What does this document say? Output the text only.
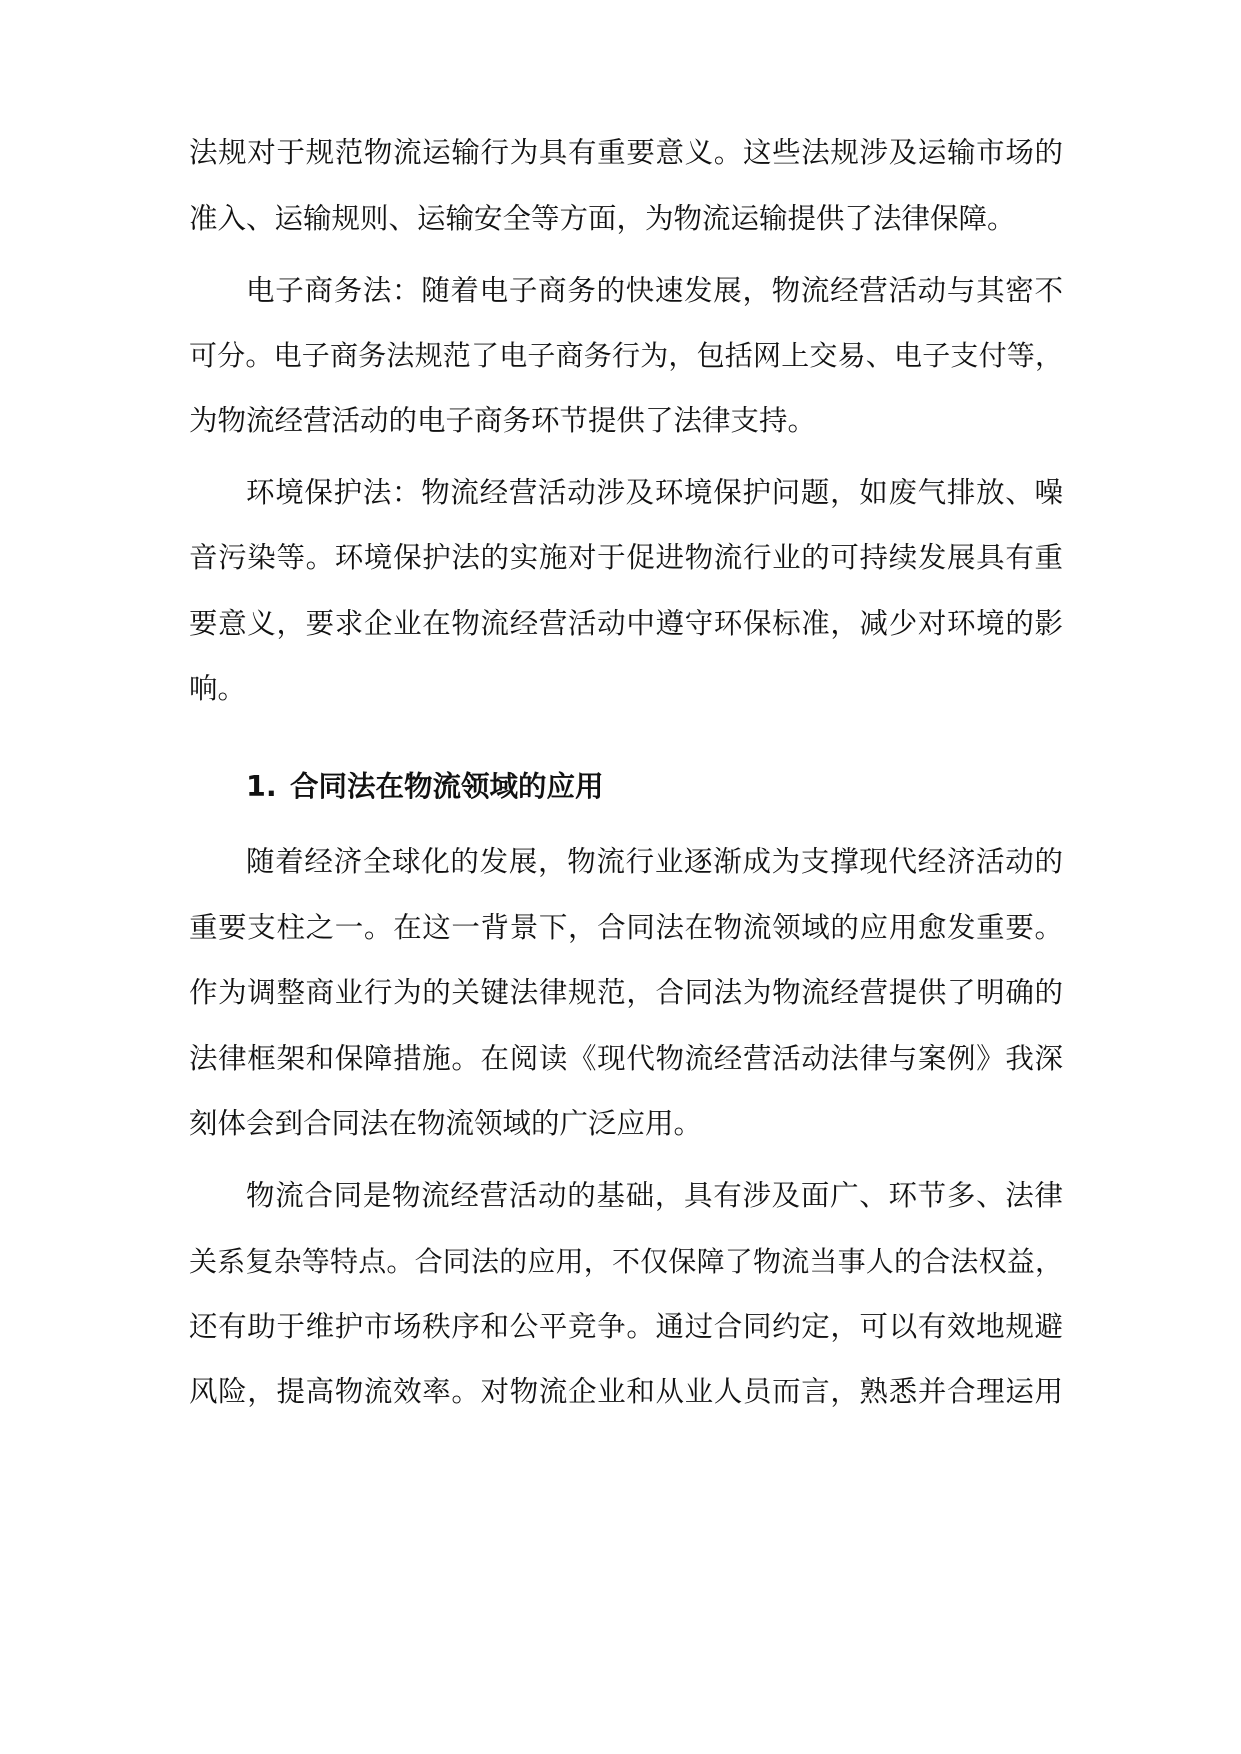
法规对于规范物流运输行为具有重要意义。这些法规涉及运输市场的
准入、运输规则、运输安全等方面，为物流运输提供了法律保障。
电子商务法：随着电子商务的快速发展，物流经营活动与其密不
可分。电子商务法规范了电子商务行为，包括网上交易、电子支付等，
为物流经营活动的电子商务环节提供了法律支持。
环境保护法：物流经营活动涉及环境保护问题，如废气排放、噪
音污染等。环境保护法的实施对于促进物流行业的可持续发展具有重
要意义，要求企业在物流经营活动中遵守环保标准，减少对环境的影
响。
1. 合同法在物流领域的应用
随着经济全球化的发展，物流行业逐渐成为支撑现代经济活动的
重要支柱之一。在这一背景下，合同法在物流领域的应用愈发重要。
作为调整商业行为的关键法律规范，合同法为物流经营提供了明确的
法律框架和保障措施。在阅读《现代物流经营活动法律与案例》我深
刻体会到合同法在物流领域的广泛应用。
物流合同是物流经营活动的基础，具有涉及面广、环节多、法律
关系复杂等特点。合同法的应用，不仅保障了物流当事人的合法权益，
还有助于维护市场秩序和公平竞争。通过合同约定，可以有效地规避
风险，提高物流效率。对物流企业和从业人员而言，熟悉并合理运用
